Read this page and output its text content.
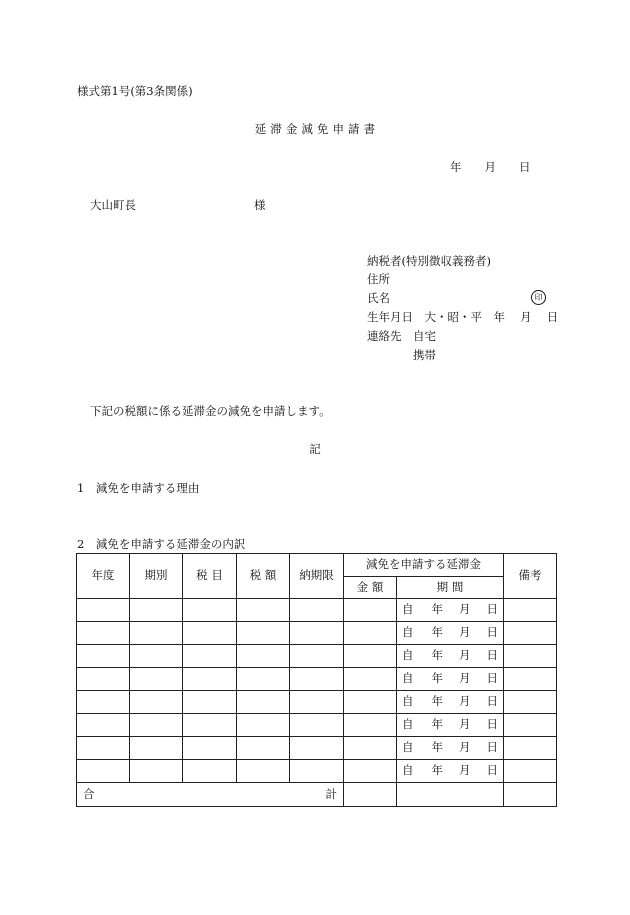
様式第1号(第3条関係)
延 滞 金 減 免 申 請 書
年　　月　　日
大山町長	様
納税者(特別徴収義務者)
住所
氏名	印
生年月日　大・昭・平　年　 月　 日
連絡先　自宅
携帯
下記の税額に係る延滞金の減免を申請します。
記
1　減免を申請する理由
2　減免を申請する延滞金の内訳
年度	期別	税 目	税 額	納期限	減免を申請する延滞金		備考
					金 額	期 間	
						自 年 月 日	
						自 年 月 日	
						自 年 月 日	
						自 年 月 日	
						自 年 月 日	
						自 年 月 日	
						自 年 月 日	
						自 年 月 日	

合 計							
